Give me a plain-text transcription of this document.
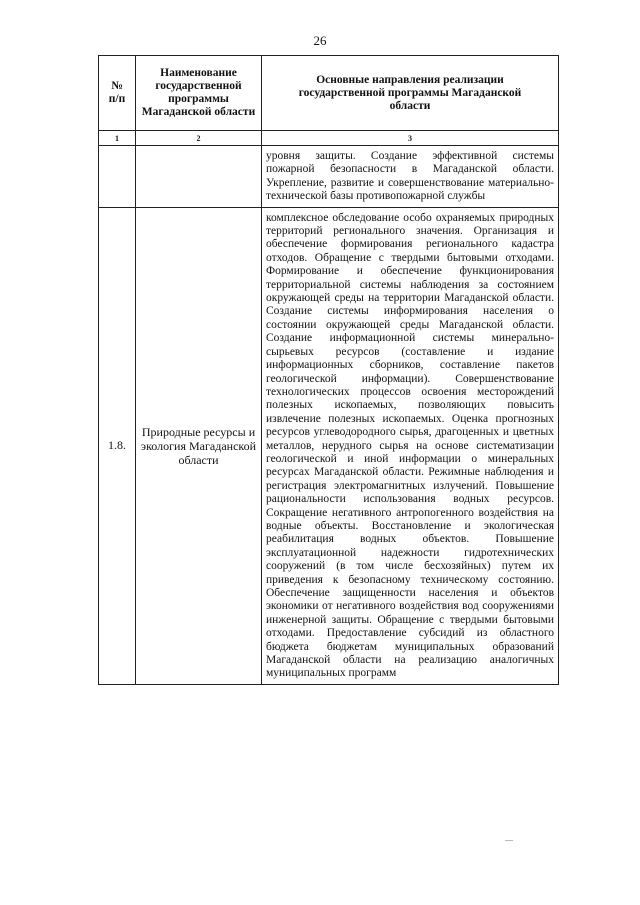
26
№
п/п	Наименование государственной программы Магаданской области	Основные направления реализации государственной программы Магаданской области

1	2	3

		уровня защиты. Создание эффективной системы пожарной безопасности в Магаданской области. Укрепление, развитие и совершенствование материально-технической базы противопожарной службы

1.8.	Природные ресурсы и экология Магаданской области	комплексное обследование особо охраняемых природных территорий регионального значения. Организация и обеспечение формирования регионального кадастра отходов. Обращение с твердыми бытовыми отходами. Формирование и обеспечение функционирования территориальной системы наблюдения за состоянием окружающей среды на территории Магаданской области. Создание системы информирования населения о состоянии окружающей среды Магаданской области. Создание информационной системы минерально-сырьевых ресурсов (составление и издание информационных сборников, составление пакетов геологической информации). Совершенствование технологических процессов освоения месторождений полезных ископаемых, позволяющих повысить извлечение полезных ископаемых. Оценка прогнозных ресурсов углеводородного сырья, драгоценных и цветных металлов, нерудного сырья на основе систематизации геологической и иной информации о минеральных ресурсах Магаданской области. Режимные наблюдения и регистрация электромагнитных излучений. Повышение рациональности использования водных ресурсов. Сокращение негативного антропогенного воздействия на водные объекты. Восстановление и экологическая реабилитация водных объектов. Повышение эксплуатационной надежности гидротехнических сооружений (в том числе бесхозяйных) путем их приведения к безопасному техническому состоянию. Обеспечение защищенности населения и объектов экономики от негативного воздействия вод сооружениями инженерной защиты. Обращение с твердыми бытовыми отходами. Предоставление субсидий из областного бюджета бюджетам муниципальных образований Магаданской области на реализацию аналогичных муниципальных программ
